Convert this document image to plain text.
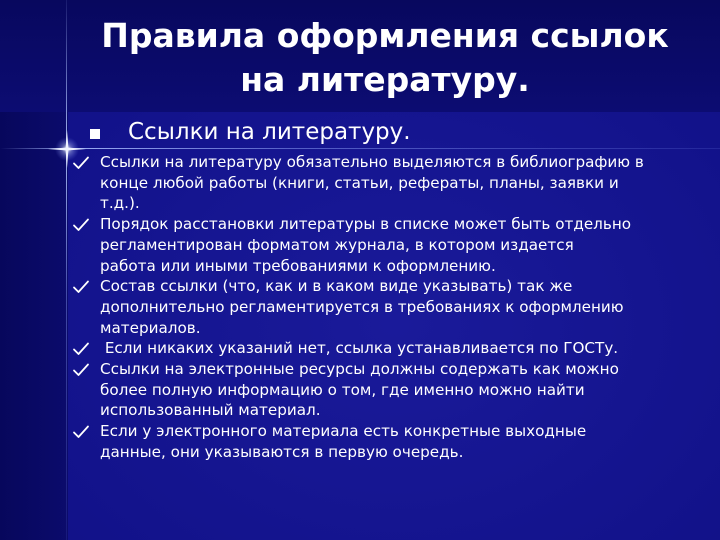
Правила оформления ссылок
на литературу.
Ссылки на литературу.
Ссылки на литературу обязательно выделяются в библиографию в
конце любой работы (книги, статьи, рефераты, планы, заявки и
т.д.).
Порядок расстановки литературы в списке может быть отдельно
регламентирован форматом журнала, в котором издается
работа или иными требованиями к оформлению.
Состав ссылки (что, как и в каком виде указывать) так же
дополнительно регламентируется в требованиях к оформлению
материалов.
Если никаких указаний нет, ссылка устанавливается по ГОСТу.
Ссылки на электронные ресурсы должны содержать как можно
более полную информацию о том, где именно можно найти
использованный материал.
Если у электронного материала есть конкретные выходные
данные, они указываются в первую очередь.
